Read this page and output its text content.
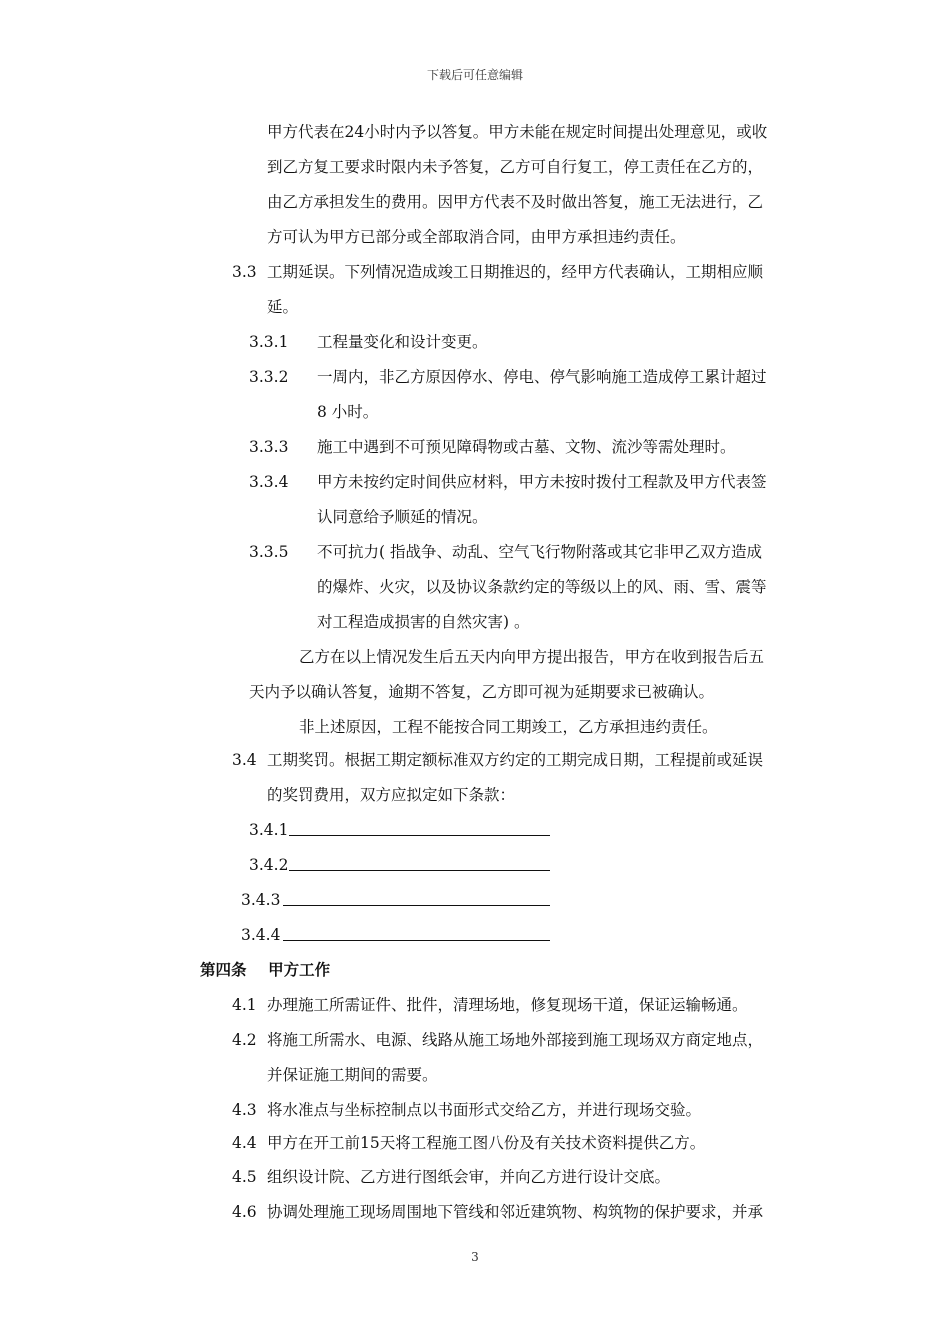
下载后可任意编辑
甲方代表在24小时内予以答复。甲方未能在规定时间提出处理意见，或收
到乙方复工要求时限内未予答复，乙方可自行复工，停工责任在乙方的，
由乙方承担发生的费用。因甲方代表不及时做出答复，施工无法进行，乙
方可认为甲方已部分或全部取消合同，由甲方承担违约责任。
3.3 工期延误。下列情况造成竣工日期推迟的，经甲方代表确认，工期相应顺
延。
3.3.1 工程量变化和设计变更。
3.3.2 一周内，非乙方原因停水、停电、停气影响施工造成停工累计超过
8 小时。
3.3.3 施工中遇到不可预见障碍物或古墓、文物、流沙等需处理时。
3.3.4 甲方未按约定时间供应材料，甲方未按时拨付工程款及甲方代表签
认同意给予顺延的情况。
3.3.5 不可抗力( 指战争、动乱、空气飞行物附落或其它非甲乙双方造成
的爆炸、火灾，以及协议条款约定的等级以上的风、雨、雪、震等
对工程造成损害的自然灾害) 。
乙方在以上情况发生后五天内向甲方提出报告，甲方在收到报告后五
天内予以确认答复，逾期不答复，乙方即可视为延期要求已被确认。
非上述原因，工程不能按合同工期竣工，乙方承担违约责任。
3.4 工期奖罚。根据工期定额标准双方约定的工期完成日期，工程提前或延误
的奖罚费用，双方应拟定如下条款：
3.4.1
3.4.2
3.4.3
3.4.4
第四条    甲方工作
4.1 办理施工所需证件、批件，清理场地，修复现场干道，保证运输畅通。
4.2 将施工所需水、电源、线路从施工场地外部接到施工现场双方商定地点，
并保证施工期间的需要。
4.3 将水准点与坐标控制点以书面形式交给乙方，并进行现场交验。
4.4 甲方在开工前15天将工程施工图八份及有关技术资料提供乙方。
4.5 组织设计院、乙方进行图纸会审，并向乙方进行设计交底。
4.6 协调处理施工现场周围地下管线和邻近建筑物、构筑物的保护要求，并承
3
